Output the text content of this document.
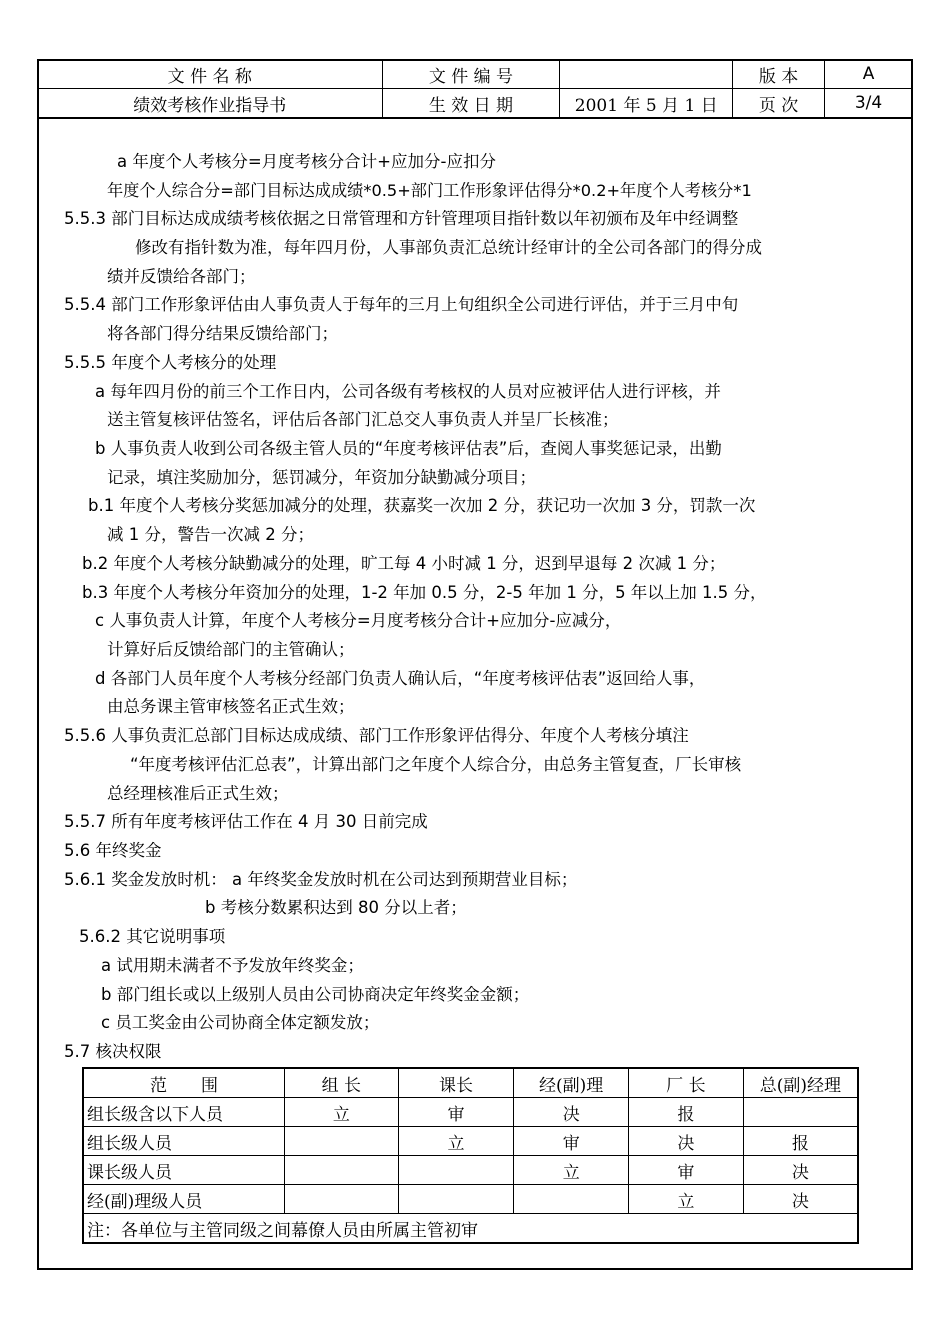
文 件 名 称	文 件 编 号		版 本	A
绩效考核作业指导书	生 效 日 期	2001 年 5 月 1 日	页 次	3/4
a 年度个人考核分=月度考核分合计+应加分-应扣分
年度个人综合分=部门目标达成成绩*0.5+部门工作形象评估得分*0.2+年度个人考核分*1
5.5.3 部门目标达成成绩考核依据之日常管理和方针管理项目指针数以年初颁布及年中经调整
修改有指针数为准，每年四月份，人事部负责汇总统计经审计的全公司各部门的得分成
绩并反馈给各部门；
5.5.4 部门工作形象评估由人事负责人于每年的三月上旬组织全公司进行评估，并于三月中旬
将各部门得分结果反馈给部门；
5.5.5 年度个人考核分的处理
a 每年四月份的前三个工作日内，公司各级有考核权的人员对应被评估人进行评核，并
送主管复核评估签名，评估后各部门汇总交人事负责人并呈厂长核准；
b 人事负责人收到公司各级主管人员的“年度考核评估表”后，查阅人事奖惩记录，出勤
记录，填注奖励加分，惩罚减分，年资加分缺勤减分项目；
b.1 年度个人考核分奖惩加减分的处理，获嘉奖一次加 2 分，获记功一次加 3 分，罚款一次
减 1 分，警告一次减 2 分；
b.2 年度个人考核分缺勤减分的处理，旷工每 4 小时减 1 分，迟到早退每 2 次减 1 分；
b.3 年度个人考核分年资加分的处理，1-2 年加 0.5 分，2-5 年加 1 分，5 年以上加 1.5 分，
c 人事负责人计算，年度个人考核分=月度考核分合计+应加分-应减分，
计算好后反馈给部门的主管确认；
d 各部门人员年度个人考核分经部门负责人确认后，“年度考核评估表”返回给人事，
由总务课主管审核签名正式生效；
5.5.6 人事负责汇总部门目标达成成绩、部门工作形象评估得分、年度个人考核分填注
“年度考核评估汇总表”，计算出部门之年度个人综合分，由总务主管复查，厂长审核
总经理核准后正式生效；
5.5.7 所有年度考核评估工作在 4 月 30 日前完成
5.6 年终奖金
5.6.1 奖金发放时机： a 年终奖金发放时机在公司达到预期营业目标；
b 考核分数累积达到 80 分以上者；
5.6.2 其它说明事项
a 试用期未满者不予发放年终奖金；
b 部门组长或以上级别人员由公司协商决定年终奖金金额；
c 员工奖金由公司协商全体定额发放；
5.7 核决权限
范　　围	组 长	课长	经(副)理	厂 长	总(副)经理
组长级含以下人员	立	审	决	报	
组长级人员		立	审	决	报
课长级人员			立	审	决
经(副)理级人员				立	决
注：各单位与主管同级之间幕僚人员由所属主管初审					
